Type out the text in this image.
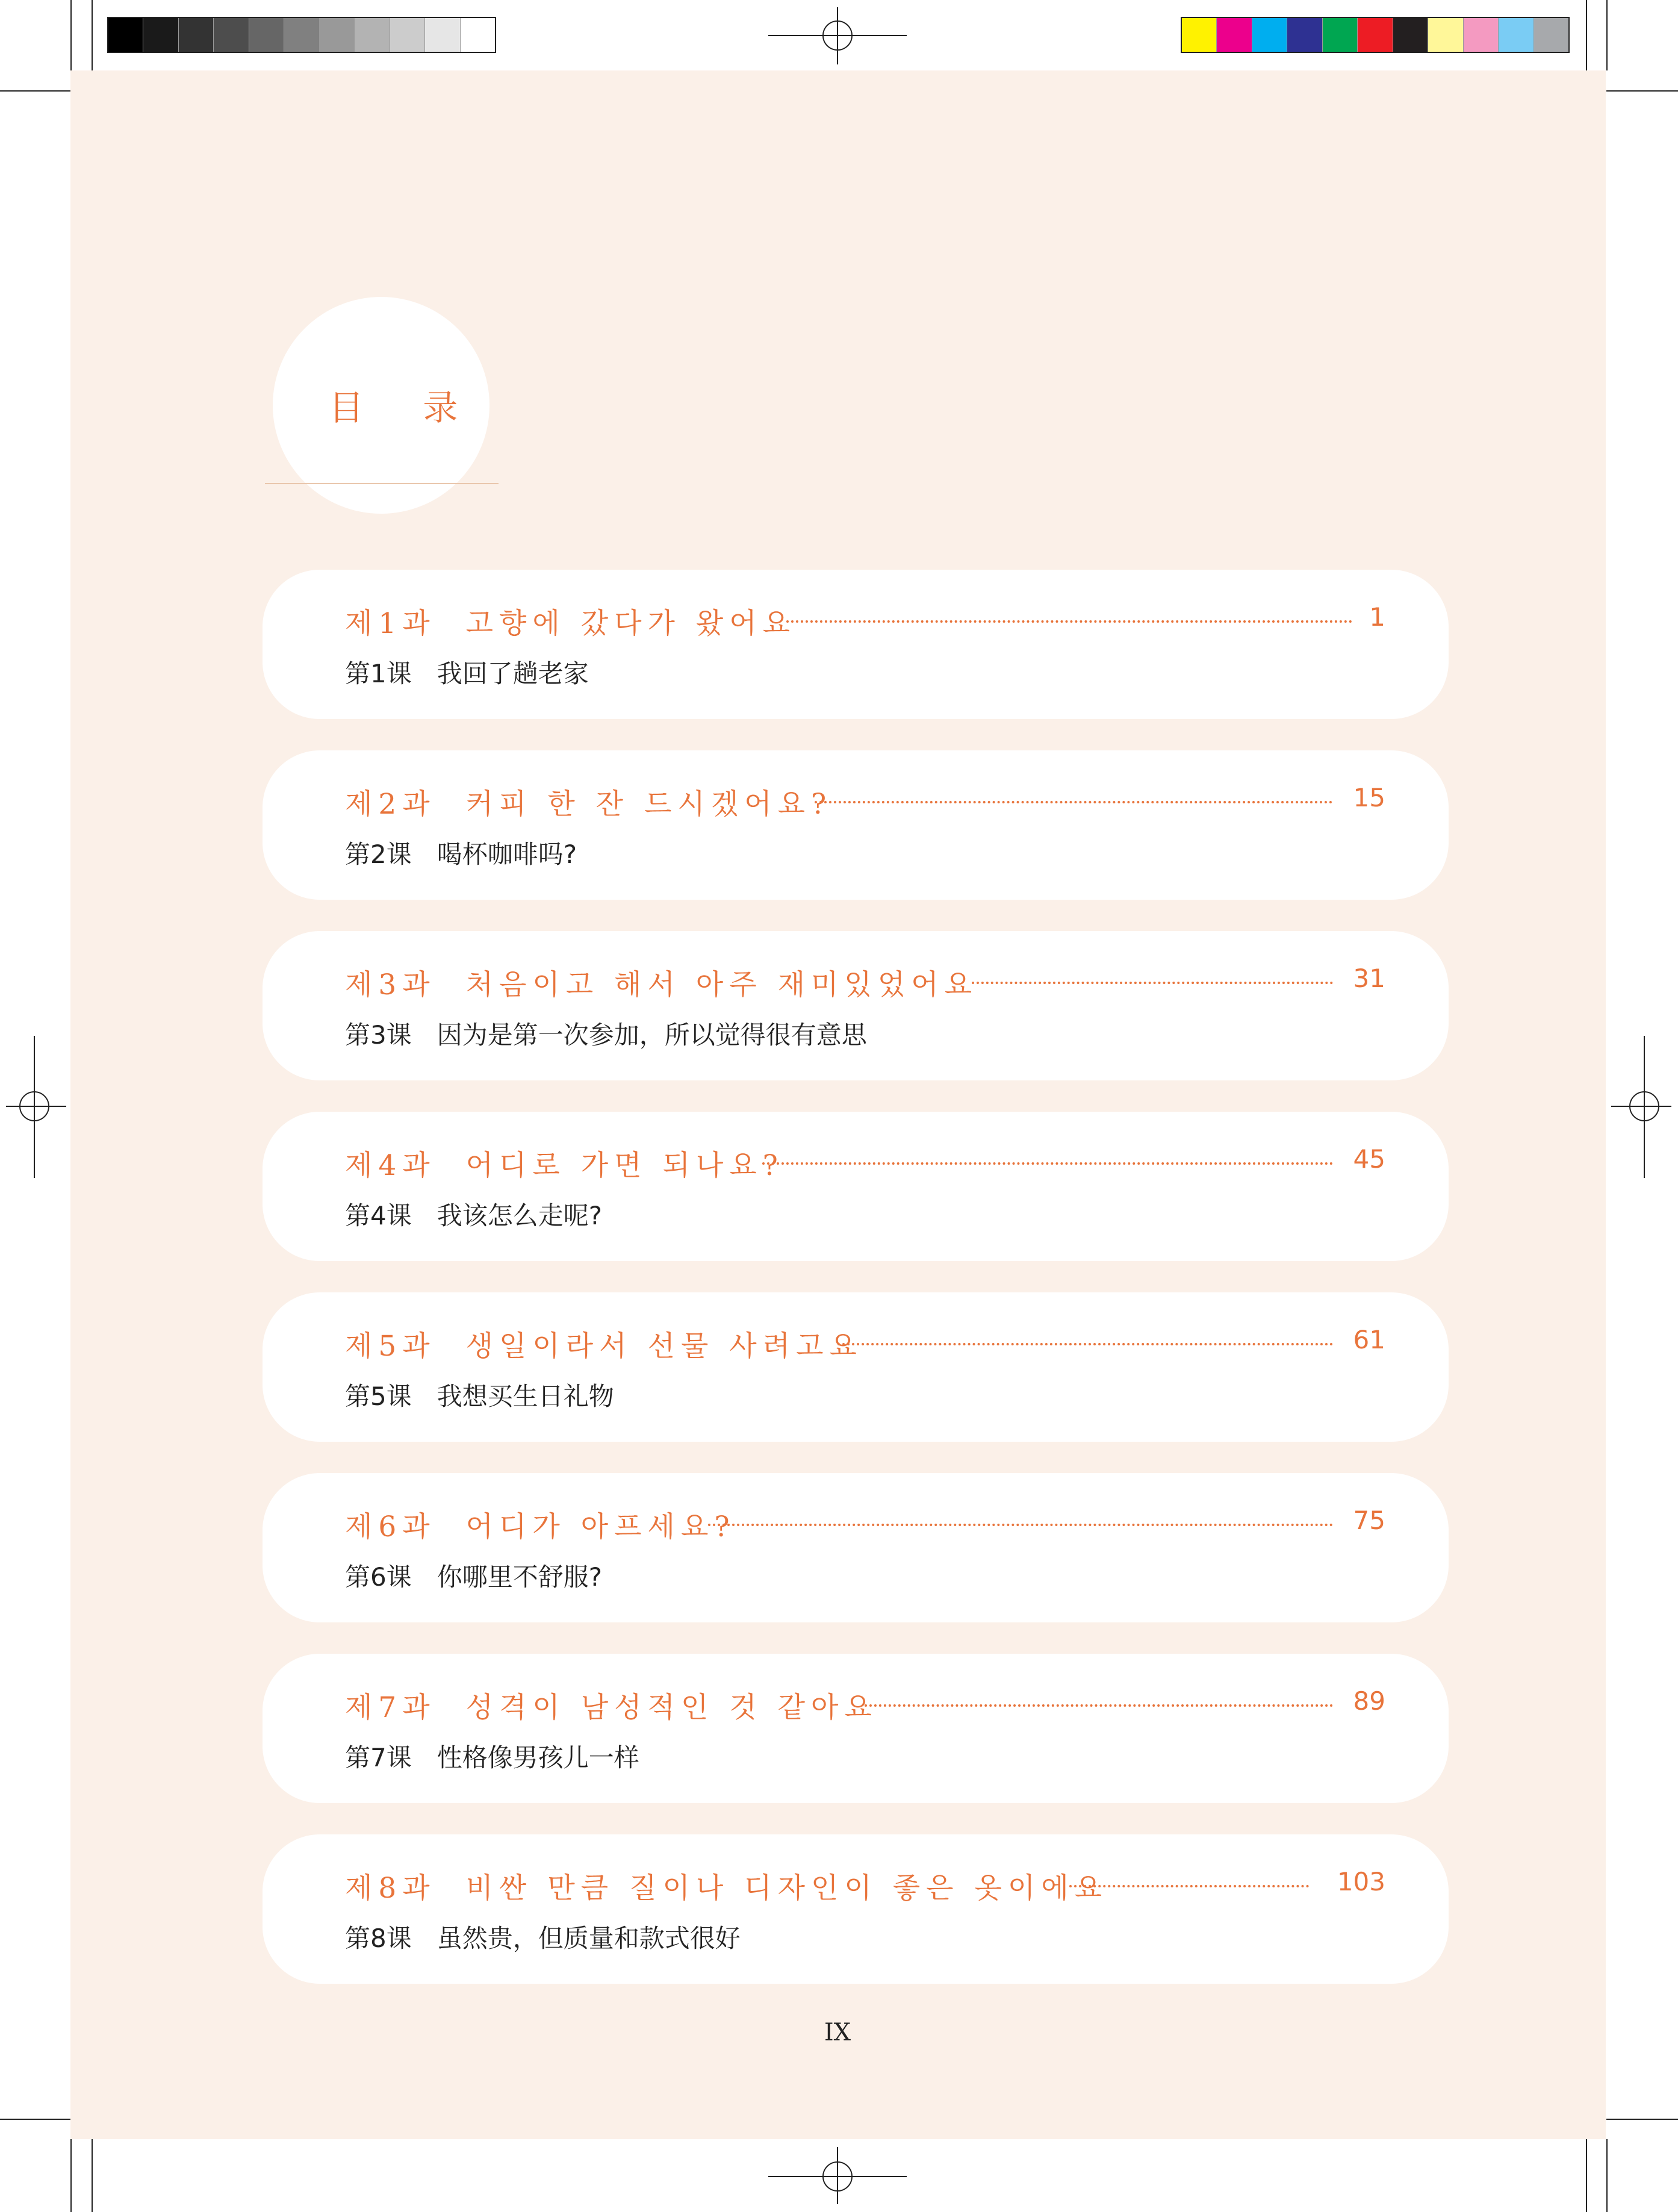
目 录
제1과  고향에 갔다가 왔어요	1
第1课　我回了趟老家
제2과  커피 한 잔 드시겠어요?	15
第2课　喝杯咖啡吗?
제3과  처음이고 해서 아주 재미있었어요	31
第3课　因为是第一次参加，所以觉得很有意思
제4과  어디로 가면 되나요?	45
第4课　我该怎么走呢?
제5과  생일이라서 선물 사려고요	61
第5课　我想买生日礼物
제6과  어디가 아프세요?	75
第6课　你哪里不舒服?
제7과  성격이 남성적인 것 같아요	89
第7课　性格像男孩儿一样
제8과  비싼 만큼 질이나 디자인이 좋은 옷이에요	103
第8课　虽然贵，但质量和款式很好
IX
